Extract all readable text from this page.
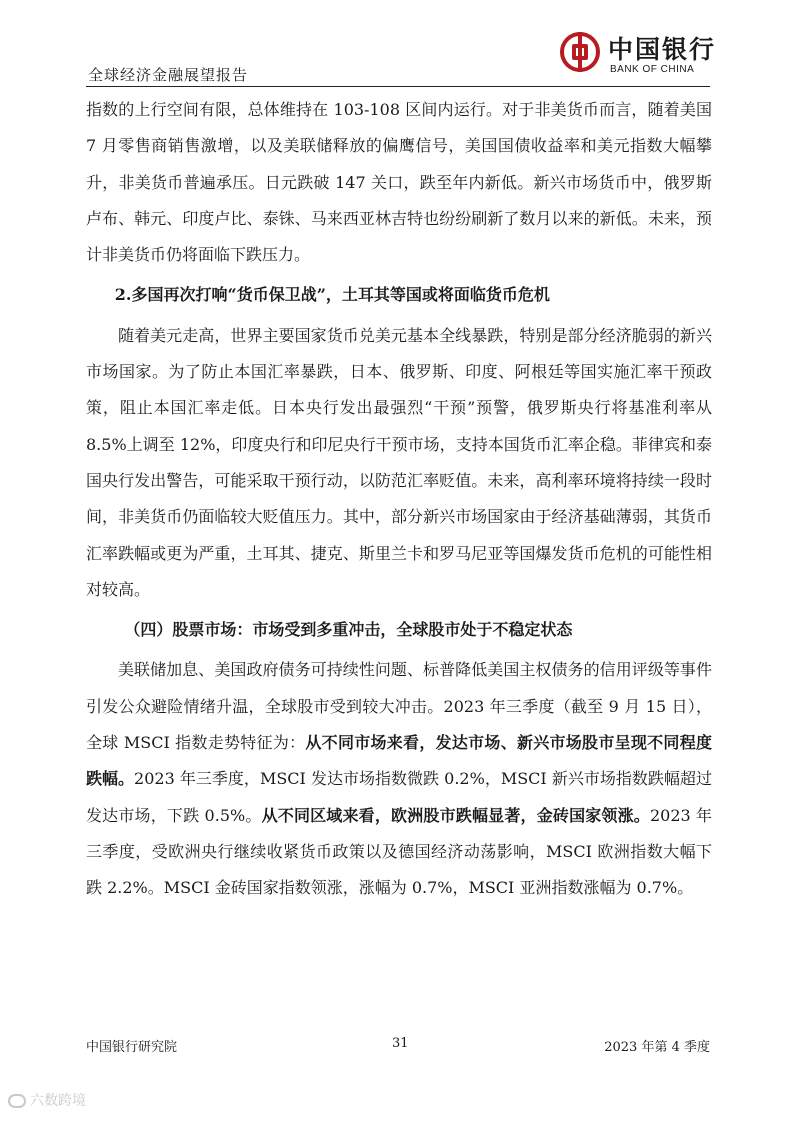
全球经济金融展望报告
中国银行
BANK OF CHINA

指数的上行空间有限，总体维持在 103-108 区间内运行。对于非美货币而言，随着美国 7 月零售商销售激增，以及美联储释放的偏鹰信号，美国国债收益率和美元指数大幅攀升，非美货币普遍承压。日元跌破 147 关口，跌至年内新低。新兴市场货币中，俄罗斯卢布、韩元、印度卢比、泰铢、马来西亚林吉特也纷纷刷新了数月以来的新低。未来，预计非美货币仍将面临下跌压力。

2.多国再次打响“货币保卫战”，土耳其等国或将面临货币危机

随着美元走高，世界主要国家货币兑美元基本全线暴跌，特别是部分经济脆弱的新兴市场国家。为了防止本国汇率暴跌，日本、俄罗斯、印度、阿根廷等国实施汇率干预政策，阻止本国汇率走低。日本央行发出最强烈“干预”预警，俄罗斯央行将基准利率从 8.5%上调至 12%，印度央行和印尼央行干预市场，支持本国货币汇率企稳。菲律宾和泰国央行发出警告，可能采取干预行动，以防范汇率贬值。未来，高利率环境将持续一段时间，非美货币仍面临较大贬值压力。其中，部分新兴市场国家由于经济基础薄弱，其货币汇率跌幅或更为严重，土耳其、捷克、斯里兰卡和罗马尼亚等国爆发货币危机的可能性相对较高。

（四）股票市场：市场受到多重冲击，全球股市处于不稳定状态

美联储加息、美国政府债务可持续性问题、标普降低美国主权债务的信用评级等事件引发公众避险情绪升温，全球股市受到较大冲击。2023 年三季度（截至 9 月 15 日），全球 MSCI 指数走势特征为：从不同市场来看，发达市场、新兴市场股市呈现不同程度跌幅。2023 年三季度，MSCI 发达市场指数微跌 0.2%，MSCI 新兴市场指数跌幅超过发达市场，下跌 0.5%。从不同区域来看，欧洲股市跌幅显著，金砖国家领涨。2023 年三季度，受欧洲央行继续收紧货币政策以及德国经济动荡影响，MSCI 欧洲指数大幅下跌 2.2%。MSCI 金砖国家指数领涨，涨幅为 0.7%，MSCI 亚洲指数涨幅为 0.7%。

中国银行研究院	31	2023 年第 4 季度
六数跨境
